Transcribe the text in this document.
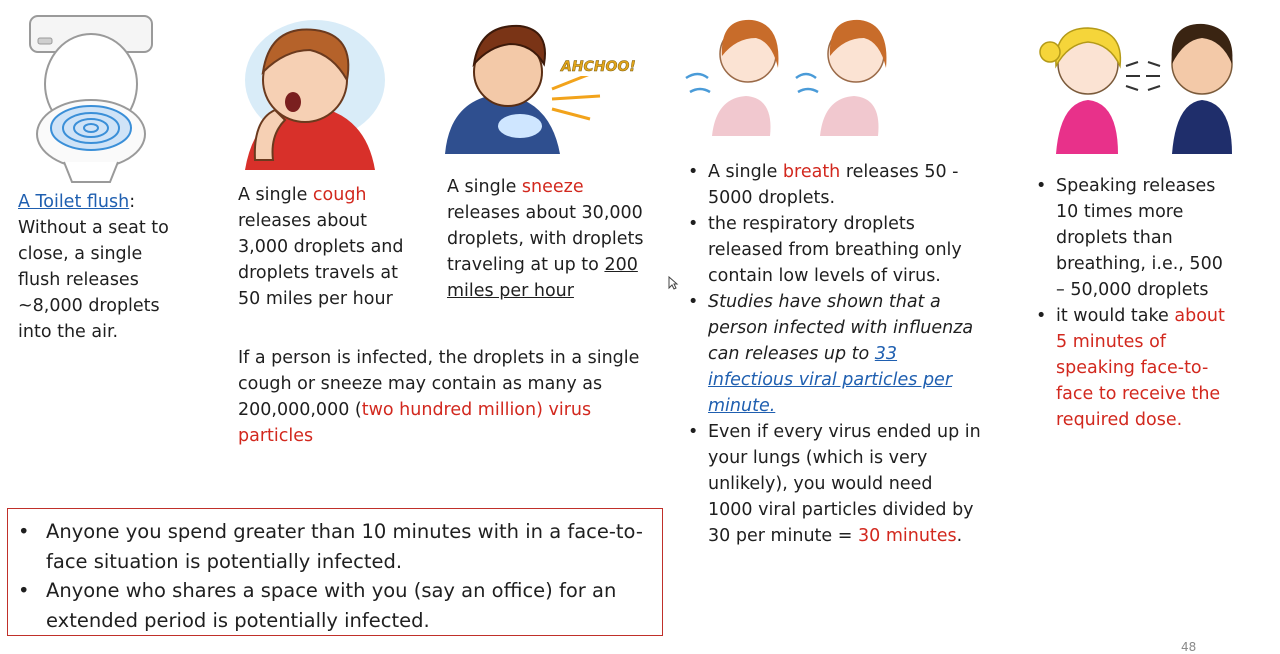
AHCHOO!
A Toilet flush: Without a seat to close, a single flush releases ~8,000 droplets into the air.
A single cough releases about 3,000 droplets and droplets travels at 50 miles per hour
A single sneeze releases about 30,000 droplets, with droplets traveling at up to 200 miles per hour
If a person is infected, the droplets in a single cough or sneeze may contain as many as 200,000,000 (two hundred million) virus particles
• A single breath releases 50 - 5000 droplets.
• the respiratory droplets released from breathing only contain low levels of virus.
• Studies have shown that a person infected with influenza can releases up to 33 infectious viral particles per minute.
• Even if every virus ended up in your lungs (which is very unlikely), you would need 1000 viral particles divided by 30 per minute = 30 minutes.
• Speaking releases 10 times more droplets than breathing, i.e., 500 – 50,000 droplets
• it would take about 5 minutes of speaking face-to-face to receive the required dose.
• Anyone you spend greater than 10 minutes with in a face-to-face situation is potentially infected.
• Anyone who shares a space with you (say an office) for an extended period is potentially infected.
48
